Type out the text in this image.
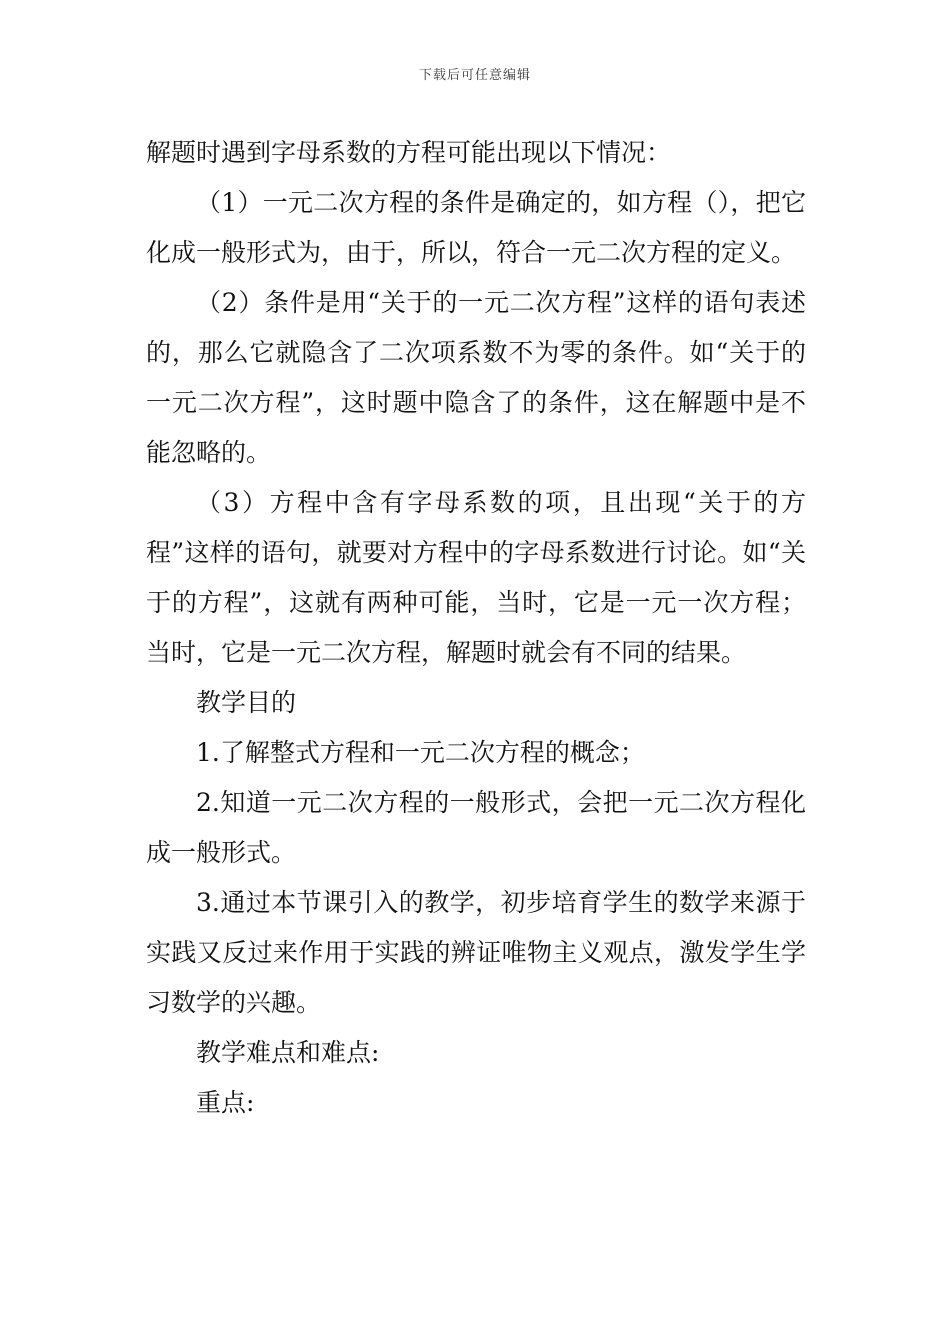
下载后可任意编辑

解题时遇到字母系数的方程可能出现以下情况：

（1）一元二次方程的条件是确定的，如方程（），把它化成一般形式为，由于，所以，符合一元二次方程的定义。

（2）条件是用“关于的一元二次方程”这样的语句表述的，那么它就隐含了二次项系数不为零的条件。如“关于的一元二次方程”，这时题中隐含了的条件，这在解题中是不能忽略的。

（3）方程中含有字母系数的项，且出现“关于的方程”这样的语句，就要对方程中的字母系数进行讨论。如“关于的方程”，这就有两种可能，当时，它是一元一次方程；当时，它是一元二次方程，解题时就会有不同的结果。

教学目的

1.了解整式方程和一元二次方程的概念；

2.知道一元二次方程的一般形式，会把一元二次方程化成一般形式。

3.通过本节课引入的教学，初步培育学生的数学来源于实践又反过来作用于实践的辨证唯物主义观点，激发学生学习数学的兴趣。

教学难点和难点:

重点:
